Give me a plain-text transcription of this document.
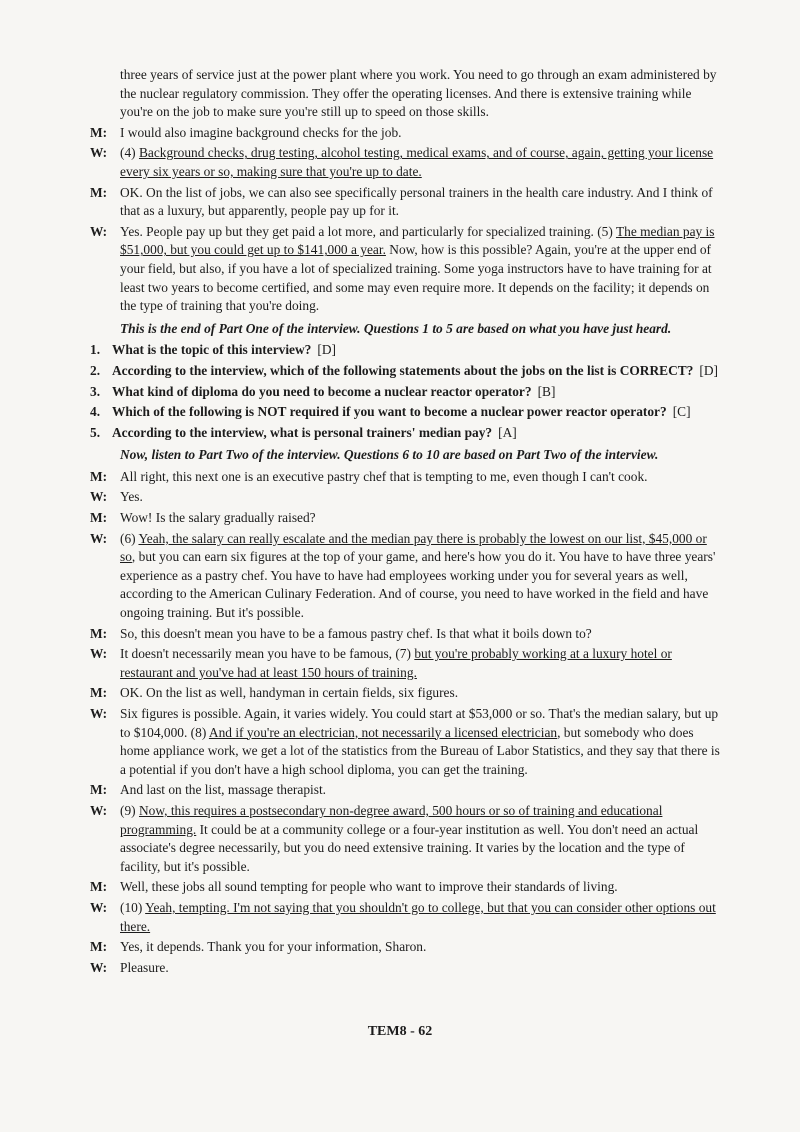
three years of service just at the power plant where you work. You need to go through an exam administered by the nuclear regulatory commission. They offer the operating licenses. And there is extensive training while you're on the job to make sure you're still up to speed on those skills.
M: I would also imagine background checks for the job.
W: (4) Background checks, drug testing, alcohol testing, medical exams, and of course, again, getting your license every six years or so, making sure that you're up to date.
M: OK. On the list of jobs, we can also see specifically personal trainers in the health care industry. And I think of that as a luxury, but apparently, people pay up for it.
W: Yes. People pay up but they get paid a lot more, and particularly for specialized training. (5) The median pay is $51,000, but you could get up to $141,000 a year. Now, how is this possible? Again, you're at the upper end of your field, but also, if you have a lot of specialized training. Some yoga instructors have to have training for at least two years to become certified, and some may even require more. It depends on the facility; it depends on the type of training that you're doing.
This is the end of Part One of the interview. Questions 1 to 5 are based on what you have just heard.
1. What is the topic of this interview? [D]
2. According to the interview, which of the following statements about the jobs on the list is CORRECT? [D]
3. What kind of diploma do you need to become a nuclear reactor operator? [B]
4. Which of the following is NOT required if you want to become a nuclear power reactor operator? [C]
5. According to the interview, what is personal trainers' median pay? [A]
Now, listen to Part Two of the interview. Questions 6 to 10 are based on Part Two of the interview.
M: All right, this next one is an executive pastry chef that is tempting to me, even though I can't cook.
W: Yes.
M: Wow! Is the salary gradually raised?
W: (6) Yeah, the salary can really escalate and the median pay there is probably the lowest on our list, $45,000 or so, but you can earn six figures at the top of your game, and here's how you do it. You have to have three years' experience as a pastry chef. You have to have had employees working under you for several years as well, according to the American Culinary Federation. And of course, you need to have worked in the field and have ongoing training. But it's possible.
M: So, this doesn't mean you have to be a famous pastry chef. Is that what it boils down to?
W: It doesn't necessarily mean you have to be famous, (7) but you're probably working at a luxury hotel or restaurant and you've had at least 150 hours of training.
M: OK. On the list as well, handyman in certain fields, six figures.
W: Six figures is possible. Again, it varies widely. You could start at $53,000 or so. That's the median salary, but up to $104,000. (8) And if you're an electrician, not necessarily a licensed electrician, but somebody who does home appliance work, we get a lot of the statistics from the Bureau of Labor Statistics, and they say that there is a potential if you don't have a high school diploma, you can get the training.
M: And last on the list, massage therapist.
W: (9) Now, this requires a postsecondary non-degree award, 500 hours or so of training and educational programming. It could be at a community college or a four-year institution as well. You don't need an actual associate's degree necessarily, but you do need extensive training. It varies by the location and the type of facility, but it's possible.
M: Well, these jobs all sound tempting for people who want to improve their standards of living.
W: (10) Yeah, tempting. I'm not saying that you shouldn't go to college, but that you can consider other options out there.
M: Yes, it depends. Thank you for your information, Sharon.
W: Pleasure.
TEM8 - 62
